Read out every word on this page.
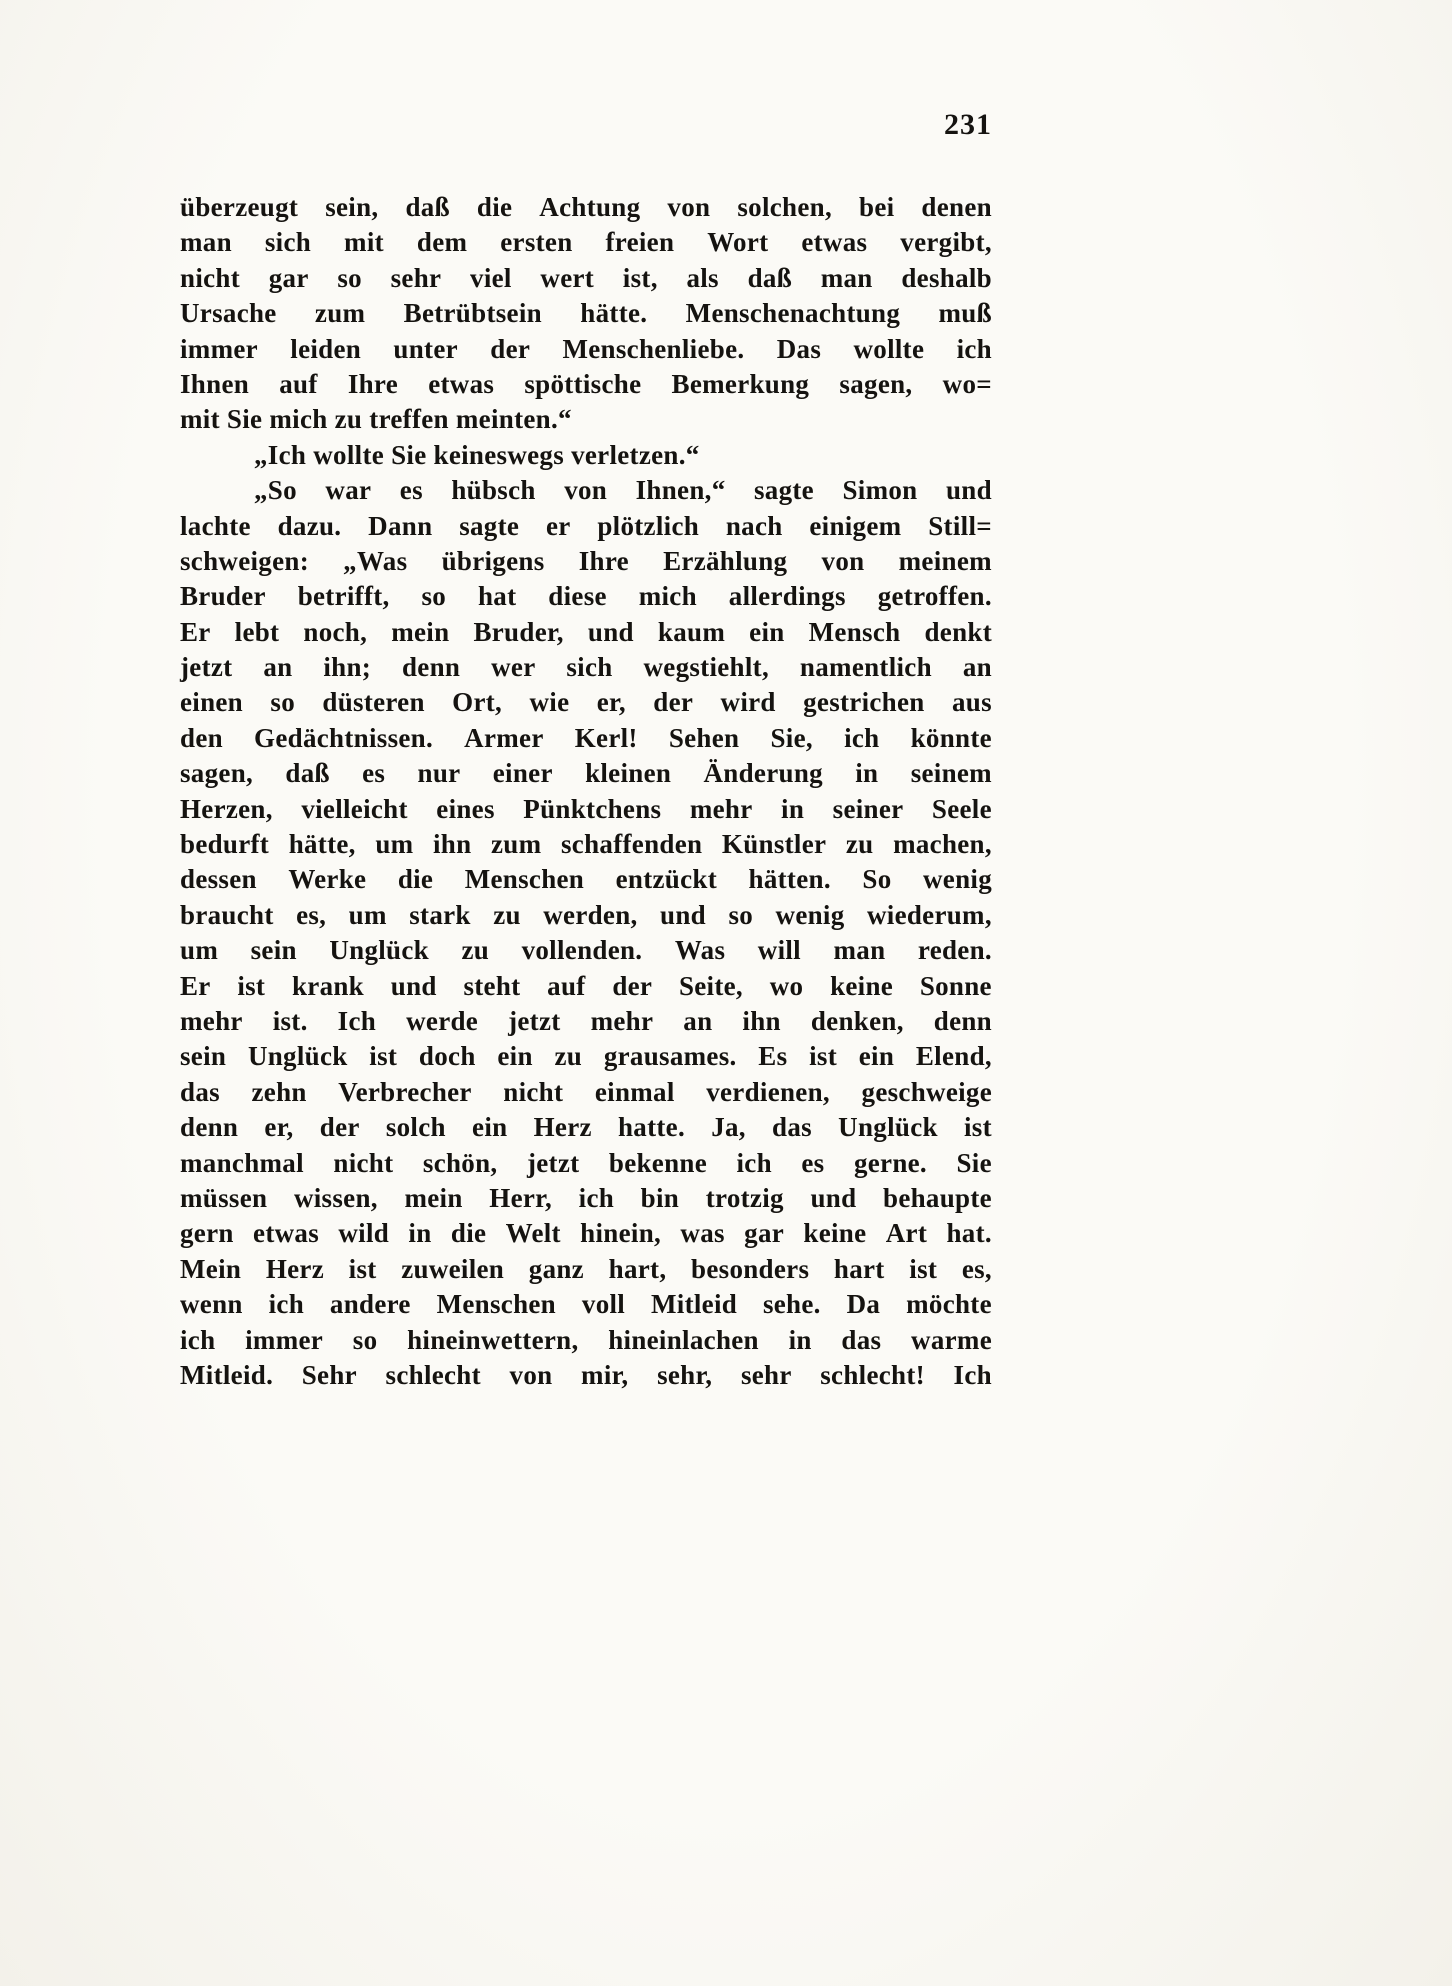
231
überzeugt sein, daß die Achtung von solchen, bei denen
man sich mit dem ersten freien Wort etwas vergibt,
nicht gar so sehr viel wert ist, als daß man deshalb
Ursache zum Betrübtsein hätte. Menschenachtung muß
immer leiden unter der Menschenliebe. Das wollte ich
Ihnen auf Ihre etwas spöttische Bemerkung sagen, wo=
mit Sie mich zu treffen meinten.“
„Ich wollte Sie keineswegs verletzen.“
„So war es hübsch von Ihnen,“ sagte Simon und
lachte dazu. Dann sagte er plötzlich nach einigem Still=
schweigen: „Was übrigens Ihre Erzählung von meinem
Bruder betrifft, so hat diese mich allerdings getroffen.
Er lebt noch, mein Bruder, und kaum ein Mensch denkt
jetzt an ihn; denn wer sich wegstiehlt, namentlich an
einen so düsteren Ort, wie er, der wird gestrichen aus
den Gedächtnissen. Armer Kerl! Sehen Sie, ich könnte
sagen, daß es nur einer kleinen Änderung in seinem
Herzen, vielleicht eines Pünktchens mehr in seiner Seele
bedurft hätte, um ihn zum schaffenden Künstler zu machen,
dessen Werke die Menschen entzückt hätten. So wenig
braucht es, um stark zu werden, und so wenig wiederum,
um sein Unglück zu vollenden. Was will man reden.
Er ist krank und steht auf der Seite, wo keine Sonne
mehr ist. Ich werde jetzt mehr an ihn denken, denn
sein Unglück ist doch ein zu grausames. Es ist ein Elend,
das zehn Verbrecher nicht einmal verdienen, geschweige
denn er, der solch ein Herz hatte. Ja, das Unglück ist
manchmal nicht schön, jetzt bekenne ich es gerne. Sie
müssen wissen, mein Herr, ich bin trotzig und behaupte
gern etwas wild in die Welt hinein, was gar keine Art hat.
Mein Herz ist zuweilen ganz hart, besonders hart ist es,
wenn ich andere Menschen voll Mitleid sehe. Da möchte
ich immer so hineinwettern, hineinlachen in das warme
Mitleid. Sehr schlecht von mir, sehr, sehr schlecht! Ich
